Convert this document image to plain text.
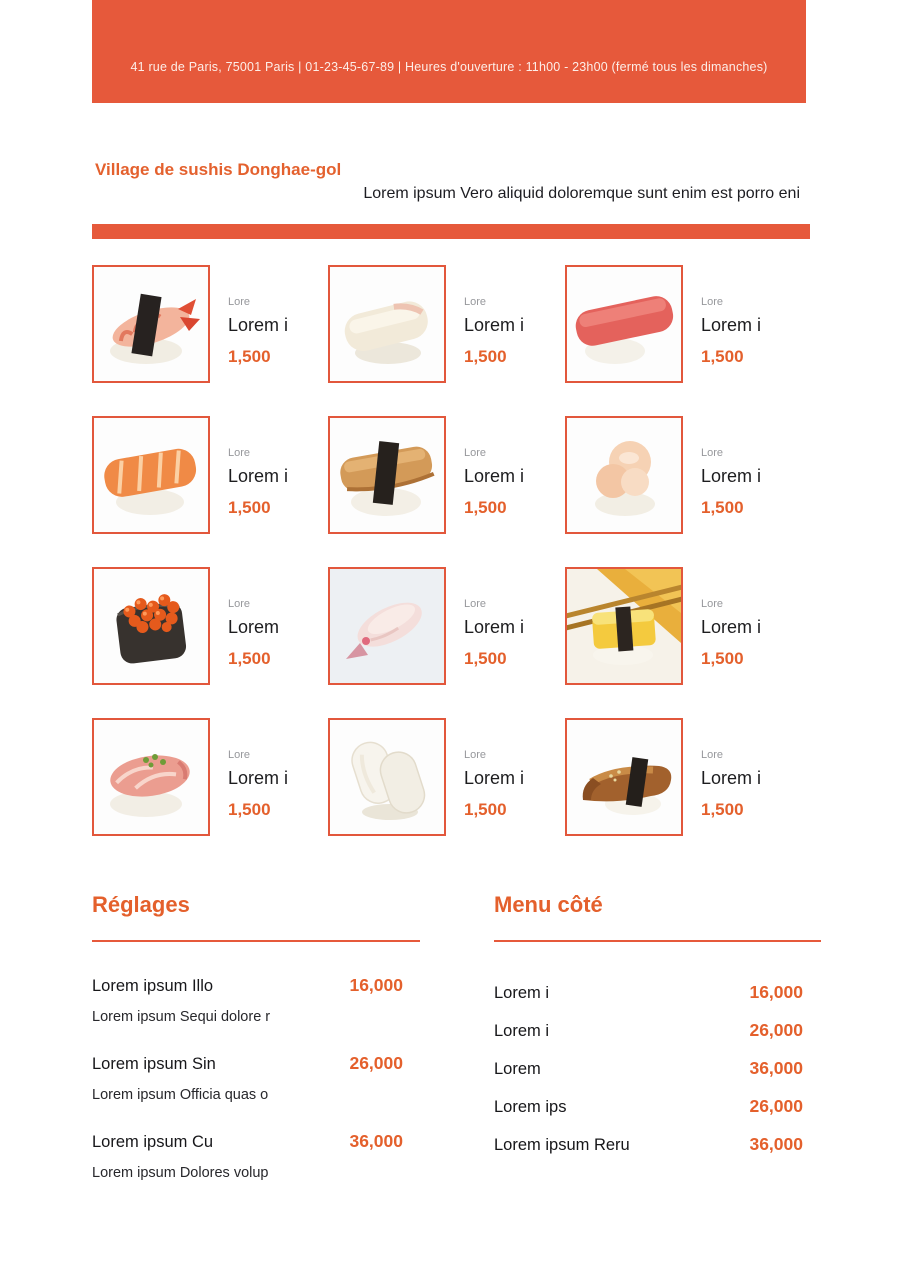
41 rue de Paris, 75001 Paris | 01-23-45-67-89 | Heures d'ouverture : 11h00 - 23h00 (fermé tous les dimanches)
Village de sushis Donghae-gol
Lorem ipsum Vero aliquid doloremque sunt enim est porro eni
Lore
Lorem i
1,500
Lore
Lorem i
1,500
Lore
Lorem i
1,500
Lore
Lorem i
1,500
Lore
Lorem i
1,500
Lore
Lorem i
1,500
Lore
Lorem
1,500
Lore
Lorem i
1,500
Lore
Lorem i
1,500
Lore
Lorem i
1,500
Lore
Lorem i
1,500
Lore
Lorem i
1,500
Réglages
Lorem ipsum Illo	16,000
Lorem ipsum Sequi dolore r
Lorem ipsum Sin	26,000
Lorem ipsum Officia quas o
Lorem ipsum Cu	36,000
Lorem ipsum Dolores volup
Menu côté
Lorem i	16,000
Lorem i	26,000
Lorem	36,000
Lorem ips	26,000
Lorem ipsum Reru	36,000
